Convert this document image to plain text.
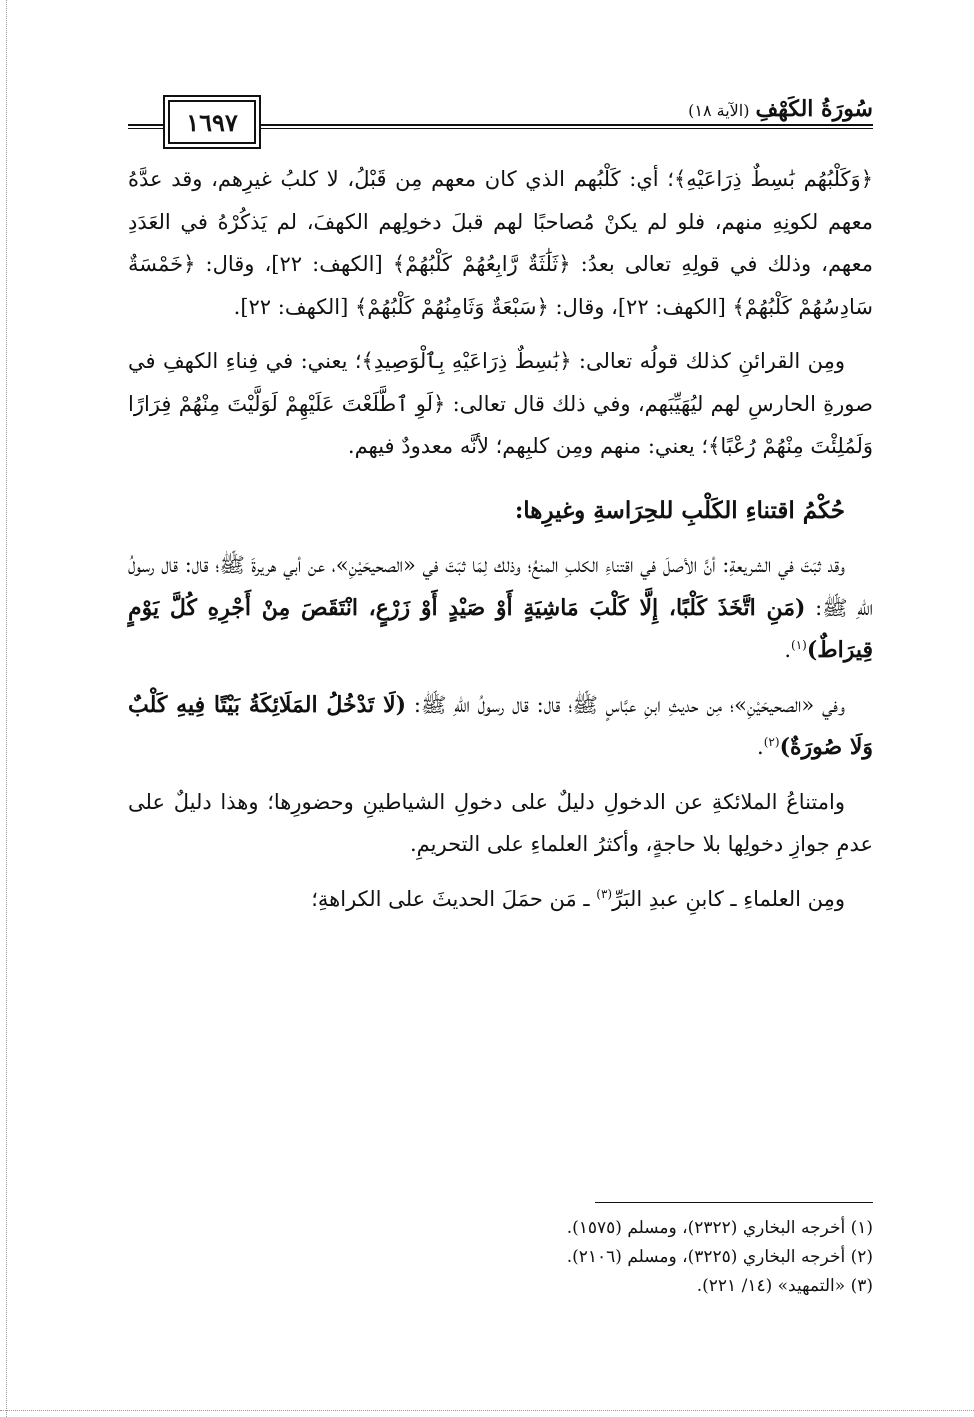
١٦٩٧	سُورَةُ الكَهْفِ(الآية ١٨)

﴿وَكَلْبُهُم بَٰسِطٌ ذِرَاعَيْهِ﴾؛ أي: كَلْبُهم الذي كان معهم مِن قَبْلُ، لا كلبُ غيرِهم، وقد عدَّهُ معهم لكونِهِ منهم، فلو لم يكنْ مُصاحبًا لهم قبلَ دخولِهم الكهفَ، لم يَذكُرْهُ في العَدَدِ معهم، وذلك في قولِهِ تعالى بعدُ: ﴿ثَلَٰثَةٌ رَّابِعُهُمْ كَلْبُهُمْ﴾ [الكهف: ٢٢]، وقال: ﴿خَمْسَةٌ سَادِسُهُمْ كَلْبُهُمْ﴾ [الكهف: ٢٢]، وقال: ﴿سَبْعَةٌ وَثَامِنُهُمْ كَلْبُهُمْ﴾ [الكهف: ٢٢].

ومِن القرائنِ كذلك قولُه تعالى: ﴿بَٰسِطٌ ذِرَاعَيْهِ بِٱلْوَصِيدِ﴾؛ يعني: في فِناءِ الكهفِ في صورةِ الحارسِ لهم ليُهَيِّبَهم، وفي ذلك قال تعالى: ﴿لَوِ ٱطَّلَعْتَ عَلَيْهِمْ لَوَلَّيْتَ مِنْهُمْ فِرَارًا وَلَمُلِئْتَ مِنْهُمْ رُعْبًا﴾؛ يعني: منهم ومِن كلبِهم؛ لأنَّه معدودٌ فيهم.

حُكْمُ اقتناءِ الكَلْبِ للحِرَاسةِ وغيرِها:

وقد ثبَتَ في الشريعةِ: أنَّ الأصلَ في اقتناءِ الكلبِ المنعُ؛ وذلك لِمَا ثبَتَ في «الصحيحَيْنِ»، عن أبي هريرةَ ﷺ؛ قال: قال رسولُ اللهِ ﷺ: (مَنِ اتَّخَذَ كَلْبًا، إِلَّا كَلْبَ مَاشِيَةٍ أَوْ صَيْدٍ أَوْ زَرْعٍ، انْتَقَصَ مِنْ أَجْرِهِ كُلَّ يَوْمٍ قِيرَاطٌ)$^{(١)}$.

وفي «الصحيحَيْنِ»؛ مِن حديثِ ابنِ عبَّاسٍ ﷺ؛ قال: قال رسولُ اللهِ ﷺ: (لَا تَدْخُلُ المَلَائِكَةُ بَيْتًا فِيهِ كَلْبٌ وَلَا صُورَةٌ)$^{(٢)}$.

وامتناعُ الملائكةِ عن الدخولِ دليلٌ على دخولِ الشياطينِ وحضورِها؛ وهذا دليلٌ على عدمِ جوازِ دخولِها بلا حاجةٍ، وأكثرُ العلماءِ على التحريمِ.

ومِن العلماءِ ـ كابنِ عبدِ البَرِّ$^{(٣)}$ ـ مَن حمَلَ الحديثَ على الكراهةِ؛

(١) أخرجه البخاري (٢٣٢٢)، ومسلم (١٥٧٥).
(٢) أخرجه البخاري (٣٢٢٥)، ومسلم (٢١٠٦).
(٣) «التمهيد» (١٤/ ٢٢١).
